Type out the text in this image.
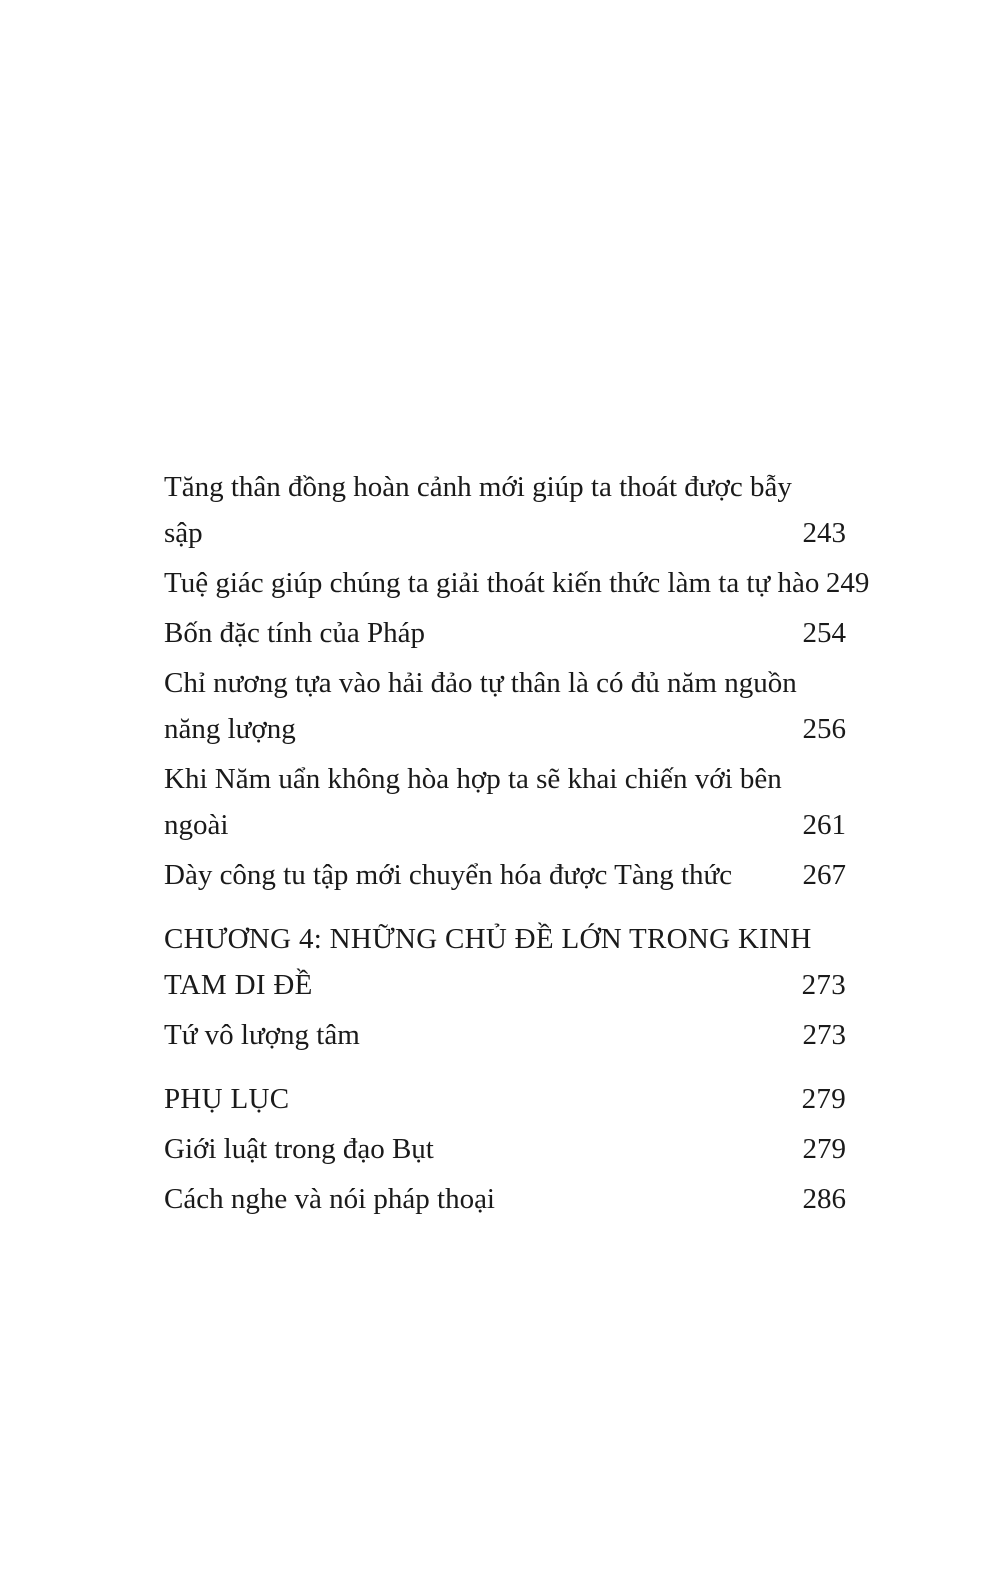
Tăng thân đồng hoàn cảnh mới giúp ta thoát được bẫy
sập	243
Tuệ giác giúp chúng ta giải thoát kiến thức làm ta tự hào 249
Bốn đặc tính của Pháp	254
Chỉ nương tựa vào hải đảo tự thân là có đủ năm nguồn
năng lượng	256
Khi Năm uẩn không hòa hợp ta sẽ khai chiến với bên
ngoài	261
Dày công tu tập mới chuyển hóa được Tàng thức 267
CHƯƠNG 4: NHỮNG CHỦ ĐỀ LỚN TRONG KINH
TAM DI ĐỀ	273
Tứ vô lượng tâm	273
PHỤ LỤC	279
Giới luật trong đạo Bụt	279
Cách nghe và nói pháp thoại	286
